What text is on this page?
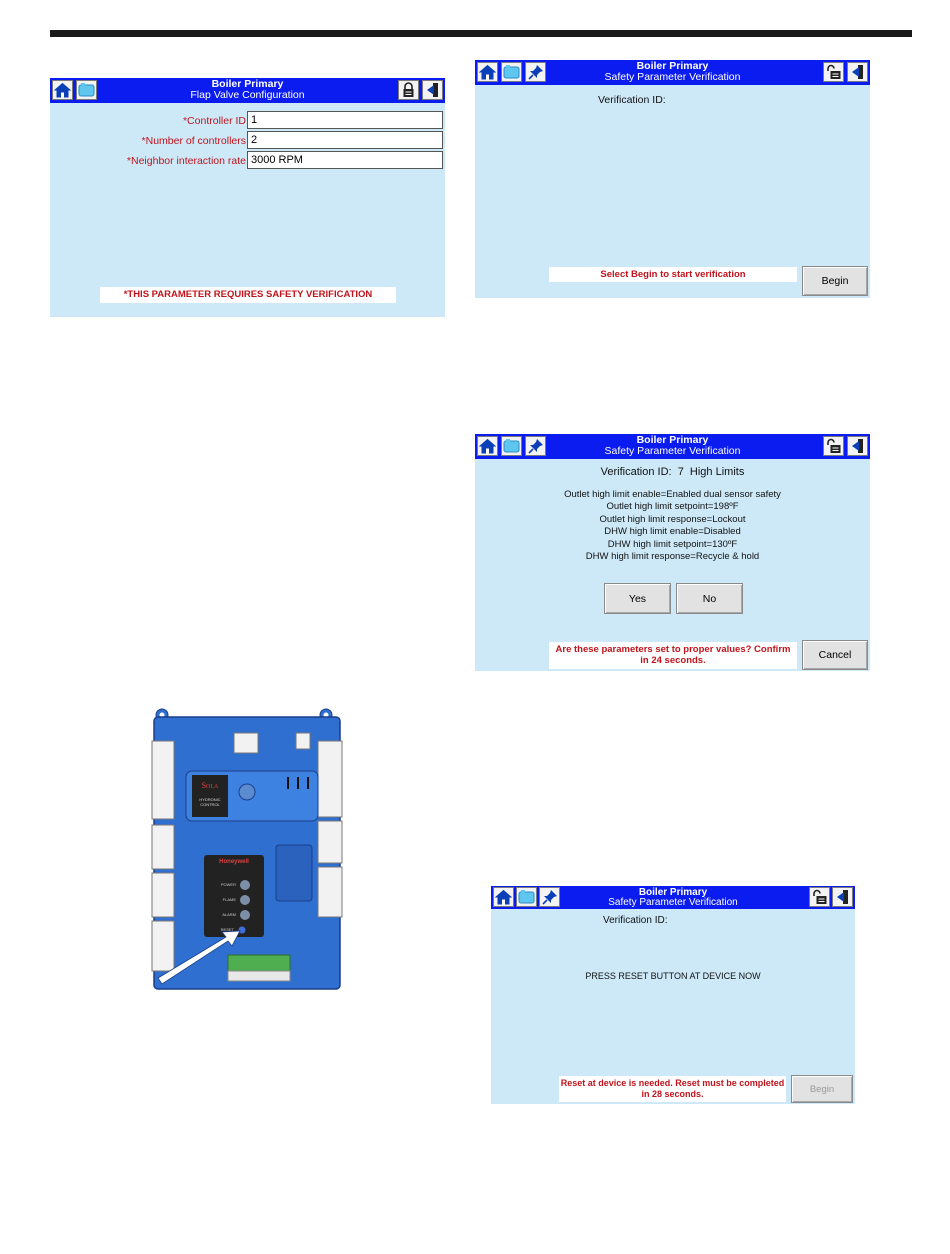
Boiler Primary
Flap Valve Configuration
*Controller ID 1
*Number of controllers 2
*Neighbor interaction rate 3000 RPM
*THIS PARAMETER REQUIRES SAFETY VERIFICATION
Boiler Primary
Safety Parameter Verification
Verification ID:
Select Begin to start verification
Begin
Boiler Primary
Safety Parameter Verification
Verification ID:  7  High Limits
Outlet high limit enable=Enabled dual sensor safety
Outlet high limit setpoint=198ºF
Outlet high limit response=Lockout
DHW high limit enable=Disabled
DHW high limit setpoint=130ºF
DHW high limit response=Recycle & hold
Yes	No
Are these parameters set to proper values? Confirm
in 24 seconds.	Cancel
Boiler Primary
Safety Parameter Verification
Verification ID:
PRESS RESET BUTTON AT DEVICE NOW
Reset at device is needed. Reset must be completed
in 28 seconds.	Begin
Sola
HYDRONIC
CONTROL
Honeywell
POWER
FLAME
ALARM
RESET
